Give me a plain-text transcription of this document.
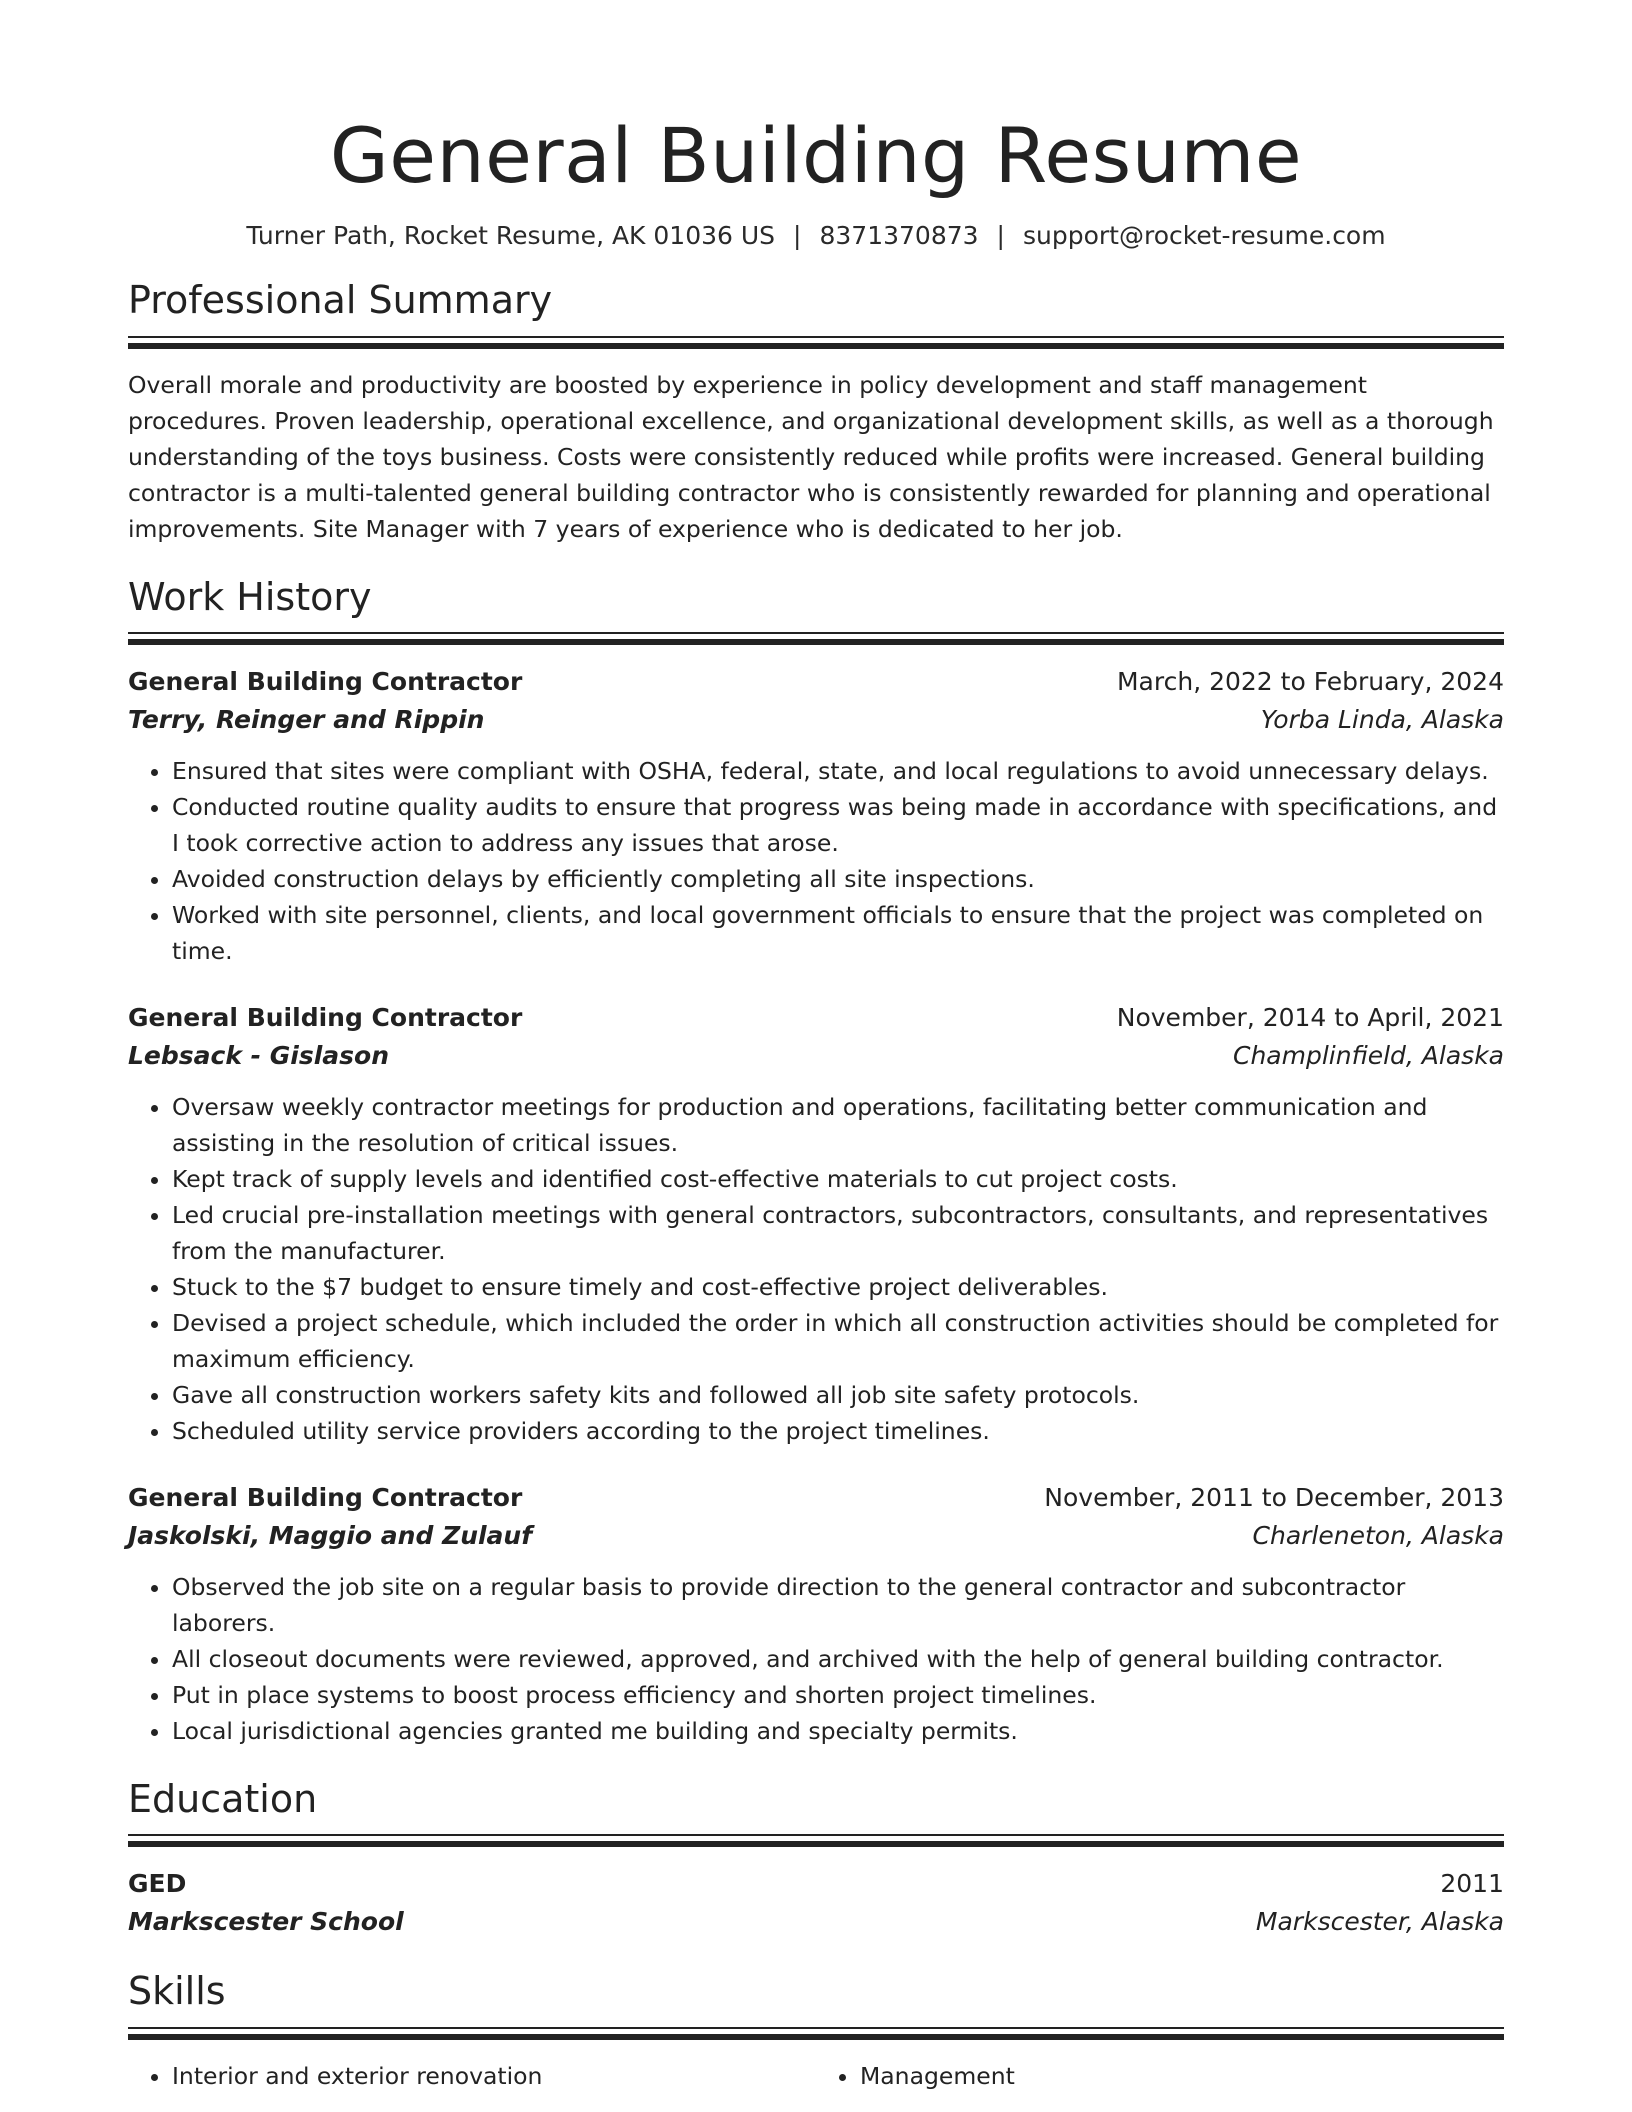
General Building Resume
Turner Path, Rocket Resume, AK 01036 US | 8371370873 | support@rocket-resume.com
Professional Summary

Overall morale and productivity are boosted by experience in policy development and staff management procedures. Proven leadership, operational excellence, and organizational development skills, as well as a thorough understanding of the toys business. Costs were consistently reduced while profits were increased. General building contractor is a multi-talented general building contractor who is consistently rewarded for planning and operational improvements. Site Manager with 7 years of experience who is dedicated to her job.

Work History
General Building Contractor	March, 2022 to February, 2024
Terry, Reinger and Rippin	Yorba Linda, Alaska
• Ensured that sites were compliant with OSHA, federal, state, and local regulations to avoid unnecessary delays.
• Conducted routine quality audits to ensure that progress was being made in accordance with specifications, and I took corrective action to address any issues that arose.
• Avoided construction delays by efficiently completing all site inspections.
• Worked with site personnel, clients, and local government officials to ensure that the project was completed on time.
General Building Contractor	November, 2014 to April, 2021
Lebsack - Gislason	Champlinfield, Alaska
• Oversaw weekly contractor meetings for production and operations, facilitating better communication and assisting in the resolution of critical issues.
• Kept track of supply levels and identified cost-effective materials to cut project costs.
• Led crucial pre-installation meetings with general contractors, subcontractors, consultants, and representatives from the manufacturer.
• Stuck to the $7 budget to ensure timely and cost-effective project deliverables.
• Devised a project schedule, which included the order in which all construction activities should be completed for maximum efficiency.
• Gave all construction workers safety kits and followed all job site safety protocols.
• Scheduled utility service providers according to the project timelines.
General Building Contractor	November, 2011 to December, 2013
Jaskolski, Maggio and Zulauf	Charleneton, Alaska
• Observed the job site on a regular basis to provide direction to the general contractor and subcontractor laborers.
• All closeout documents were reviewed, approved, and archived with the help of general building contractor.
• Put in place systems to boost process efficiency and shorten project timelines.
• Local jurisdictional agencies granted me building and specialty permits.
Education
GED	2011
Markscester School	Markscester, Alaska
Skills
• Interior and exterior renovation
•	Management
